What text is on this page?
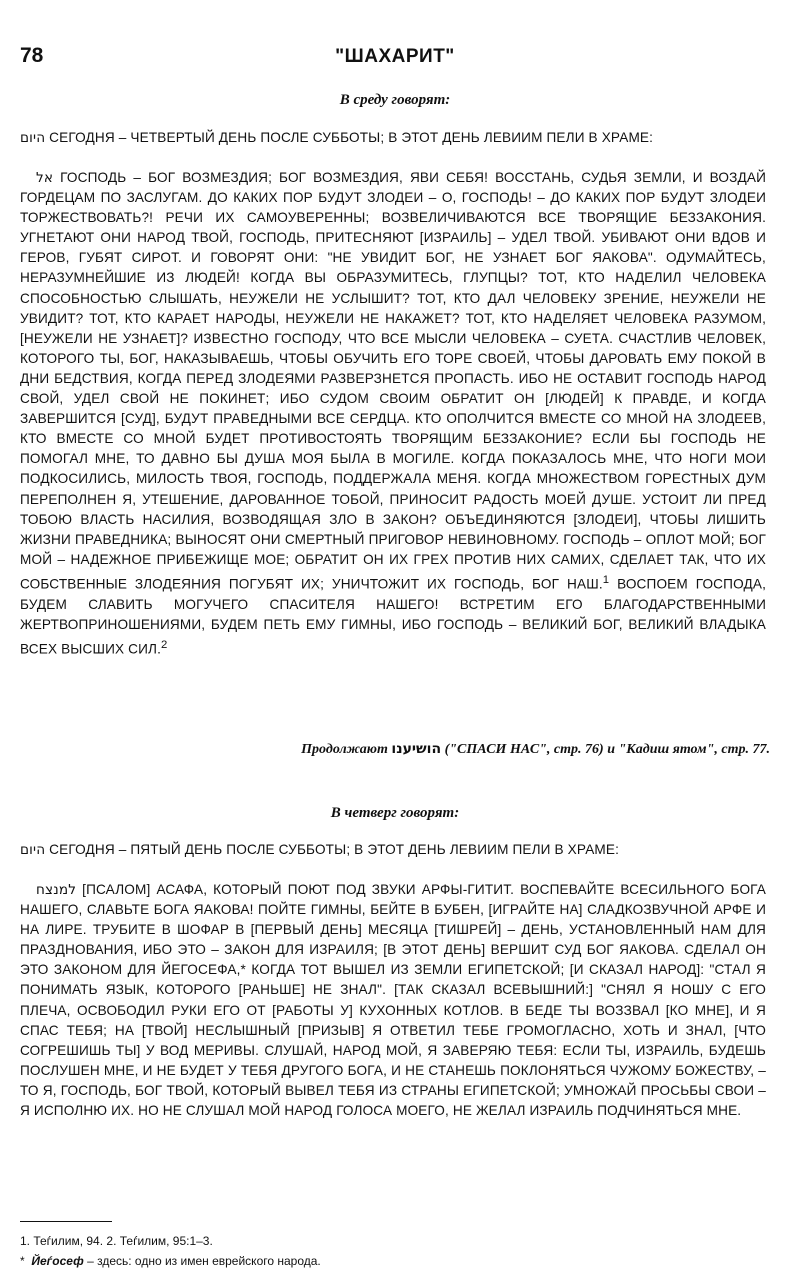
78	"ШАХАРИТ"
В среду говорят:

היום СЕГОДНЯ – ЧЕТВЕРТЫЙ ДЕНЬ ПОСЛЕ СУББОТЫ; В ЭТОТ ДЕНЬ ЛЕВИИМ ПЕЛИ В ХРАМЕ:

אל ГОСПОДЬ – БОГ ВОЗМЕЗДИЯ; БОГ ВОЗМЕЗДИЯ, ЯВИ СЕБЯ! ВОССТАНЬ, СУДЬЯ ЗЕМЛИ, И ВОЗДАЙ ГОРДЕЦАМ ПО ЗАСЛУГАМ. ДО КАКИХ ПОР БУДУТ ЗЛОДЕИ – О, ГОСПОДЬ! – ДО КАКИХ ПОР БУДУТ ЗЛОДЕИ ТОРЖЕСТВОВАТЬ?! РЕЧИ ИХ САМОУВЕРЕННЫ; ВОЗВЕЛИЧИВАЮТСЯ ВСЕ ТВОРЯЩИЕ БЕЗЗАКОНИЯ. УГНЕТАЮТ ОНИ НАРОД ТВОЙ, ГОСПОДЬ, ПРИТЕСНЯЮТ [ИЗРАИЛЬ] – УДЕЛ ТВОЙ. УБИВАЮТ ОНИ ВДОВ И ГЕРОВ, ГУБЯТ СИРОТ. И ГОВОРЯТ ОНИ: "НЕ УВИДИТ БОГ, НЕ УЗНАЕТ БОГ ЯАКОВА". ОДУМАЙТЕСЬ, НЕРАЗУМНЕЙШИЕ ИЗ ЛЮДЕЙ! КОГДА ВЫ ОБРАЗУМИТЕСЬ, ГЛУПЦЫ? ТОТ, КТО НАДЕЛИЛ ЧЕЛОВЕКА СПОСОБНОСТЬЮ СЛЫШАТЬ, НЕУЖЕЛИ НЕ УСЛЫШИТ? ТОТ, КТО ДАЛ ЧЕЛОВЕКУ ЗРЕНИЕ, НЕУЖЕЛИ НЕ УВИДИТ? ТОТ, КТО КАРАЕТ НАРОДЫ, НЕУЖЕЛИ НЕ НАКАЖЕТ? ТОТ, КТО НАДЕЛЯЕТ ЧЕЛОВЕКА РАЗУМОМ, [НЕУЖЕЛИ НЕ УЗНАЕТ]? ИЗВЕСТНО ГОСПОДУ, ЧТО ВСЕ МЫСЛИ ЧЕЛОВЕКА – СУЕТА. СЧАСТЛИВ ЧЕЛОВЕК, КОТОРОГО ТЫ, БОГ, НАКАЗЫВАЕШЬ, ЧТОБЫ ОБУЧИТЬ ЕГО ТОРЕ СВОЕЙ, ЧТОБЫ ДАРОВАТЬ ЕМУ ПОКОЙ В ДНИ БЕДСТВИЯ, КОГДА ПЕРЕД ЗЛОДЕЯМИ РАЗВЕРЗНЕТСЯ ПРОПАСТЬ. ИБО НЕ ОСТАВИТ ГОСПОДЬ НАРОД СВОЙ, УДЕЛ СВОЙ НЕ ПОКИНЕТ; ИБО СУДОМ СВОИМ ОБРАТИТ ОН [ЛЮДЕЙ] К ПРАВДЕ, И КОГДА ЗАВЕРШИТСЯ [СУД], БУДУТ ПРАВЕДНЫМИ ВСЕ СЕРДЦА. КТО ОПОЛЧИТСЯ ВМЕСТЕ СО МНОЙ НА ЗЛОДЕЕВ, КТО ВМЕСТЕ СО МНОЙ БУДЕТ ПРОТИВОСТОЯТЬ ТВОРЯЩИМ БЕЗЗАКОНИЕ? ЕСЛИ БЫ ГОСПОДЬ НЕ ПОМОГАЛ МНЕ, ТО ДАВНО БЫ ДУША МОЯ БЫЛА В МОГИЛЕ. КОГДА ПОКАЗАЛОСЬ МНЕ, ЧТО НОГИ МОИ ПОДКОСИЛИСЬ, МИЛОСТЬ ТВОЯ, ГОСПОДЬ, ПОДДЕРЖАЛА МЕНЯ. КОГДА МНОЖЕСТВОМ ГОРЕСТНЫХ ДУМ ПЕРЕПОЛНЕН Я, УТЕШЕНИЕ, ДАРОВАННОЕ ТОБОЙ, ПРИНОСИТ РАДОСТЬ МОЕЙ ДУШЕ. УСТОИТ ЛИ ПРЕД ТОБОЮ ВЛАСТЬ НАСИЛИЯ, ВОЗВОДЯЩАЯ ЗЛО В ЗАКОН? ОБЪЕДИНЯЮТСЯ [ЗЛОДЕИ], ЧТОБЫ ЛИШИТЬ ЖИЗНИ ПРАВЕДНИКА; ВЫНОСЯТ ОНИ СМЕРТНЫЙ ПРИГОВОР НЕВИНОВНОМУ. ГОСПОДЬ – ОПЛОТ МОЙ; БОГ МОЙ – НАДЕЖНОЕ ПРИБЕЖИЩЕ МОЕ; ОБРАТИТ ОН ИХ ГРЕХ ПРОТИВ НИХ САМИХ, СДЕЛАЕТ ТАК, ЧТО ИХ СОБСТВЕННЫЕ ЗЛОДЕЯНИЯ ПОГУБЯТ ИХ; УНИЧТОЖИТ ИХ ГОСПОДЬ, БОГ НАШ.$^1$ ВОСПОЕМ ГОСПОДА, БУДЕМ СЛАВИТЬ МОГУЧЕГО СПАСИТЕЛЯ НАШЕГО! ВСТРЕТИМ ЕГО БЛАГОДАРСТВЕННЫМИ ЖЕРТВОПРИНОШЕНИЯМИ, БУДЕМ ПЕТЬ ЕМУ ГИМНЫ, ИБО ГОСПОДЬ – ВЕЛИКИЙ БОГ, ВЕЛИКИЙ ВЛАДЫКА ВСЕХ ВЫСШИХ СИЛ.$^2$

Продолжают הושיענו ("СПАСИ НАС", стр. 76) и "Кадиш ятом", стр. 77.
В четверг говорят:

היום СЕГОДНЯ – ПЯТЫЙ ДЕНЬ ПОСЛЕ СУББОТЫ; В ЭТОТ ДЕНЬ ЛЕВИИМ ПЕЛИ В ХРАМЕ:

למנצח [ПСАЛОМ] АСАФА, КОТОРЫЙ ПОЮТ ПОД ЗВУКИ АРФЫ-ГИТИТ. ВОСПЕВАЙТЕ ВСЕСИЛЬНОГО БОГА НАШЕГО, СЛАВЬТЕ БОГА ЯАКОВА! ПОЙТЕ ГИМНЫ, БЕЙТЕ В БУБЕН, [ИГРАЙТЕ НА] СЛАДКОЗВУЧНОЙ АРФЕ И НА ЛИРЕ. ТРУБИТЕ В ШОФАР В [ПЕРВЫЙ ДЕНЬ] МЕСЯЦА [ТИШРЕЙ] – ДЕНЬ, УСТАНОВЛЕННЫЙ НАМ ДЛЯ ПРАЗДНОВАНИЯ, ИБО ЭТО – ЗАКОН ДЛЯ ИЗРАИЛЯ; [В ЭТОТ ДЕНЬ] ВЕРШИТ СУД БОГ ЯАКОВА. СДЕЛАЛ ОН ЭТО ЗАКОНОМ ДЛЯ ЙЕГОСЕФА,* КОГДА ТОТ ВЫШЕЛ ИЗ ЗЕМЛИ ЕГИПЕТСКОЙ; [И СКАЗАЛ НАРОД]: "СТАЛ Я ПОНИМАТЬ ЯЗЫК, КОТОРОГО [РАНЬШЕ] НЕ ЗНАЛ". [ТАК СКАЗАЛ ВСЕВЫШНИЙ:] "СНЯЛ Я НОШУ С ЕГО ПЛЕЧА, ОСВОБОДИЛ РУКИ ЕГО ОТ [РАБОТЫ У] КУХОННЫХ КОТЛОВ. В БЕДЕ ТЫ ВОЗЗВАЛ [КО МНЕ], И Я СПАС ТЕБЯ; НА [ТВОЙ] НЕСЛЫШНЫЙ [ПРИЗЫВ] Я ОТВЕТИЛ ТЕБЕ ГРОМОГЛАСНО, ХОТЬ И ЗНАЛ, [ЧТО СОГРЕШИШЬ ТЫ] У ВОД МЕРИВЫ. СЛУШАЙ, НАРОД МОЙ, Я ЗАВЕРЯЮ ТЕБЯ: ЕСЛИ ТЫ, ИЗРАИЛЬ, БУДЕШЬ ПОСЛУШЕН МНЕ, И НЕ БУДЕТ У ТЕБЯ ДРУГОГО БОГА, И НЕ СТАНЕШЬ ПОКЛОНЯТЬСЯ ЧУЖОМУ БОЖЕСТВУ, – ТО Я, ГОСПОДЬ, БОГ ТВОЙ, КОТОРЫЙ ВЫВЕЛ ТЕБЯ ИЗ СТРАНЫ ЕГИПЕТСКОЙ; УМНОЖАЙ ПРОСЬБЫ СВОИ – Я ИСПОЛНЮ ИХ. НО НЕ СЛУШАЛ МОЙ НАРОД ГОЛОСА МОЕГО, НЕ ЖЕЛАЛ ИЗРАИЛЬ ПОДЧИНЯТЬСЯ МНЕ.

1. Теѓилим, 94. 2. Теѓилим, 95:1–3.
* Йеѓосеф – здесь: одно из имен еврейского народа.
